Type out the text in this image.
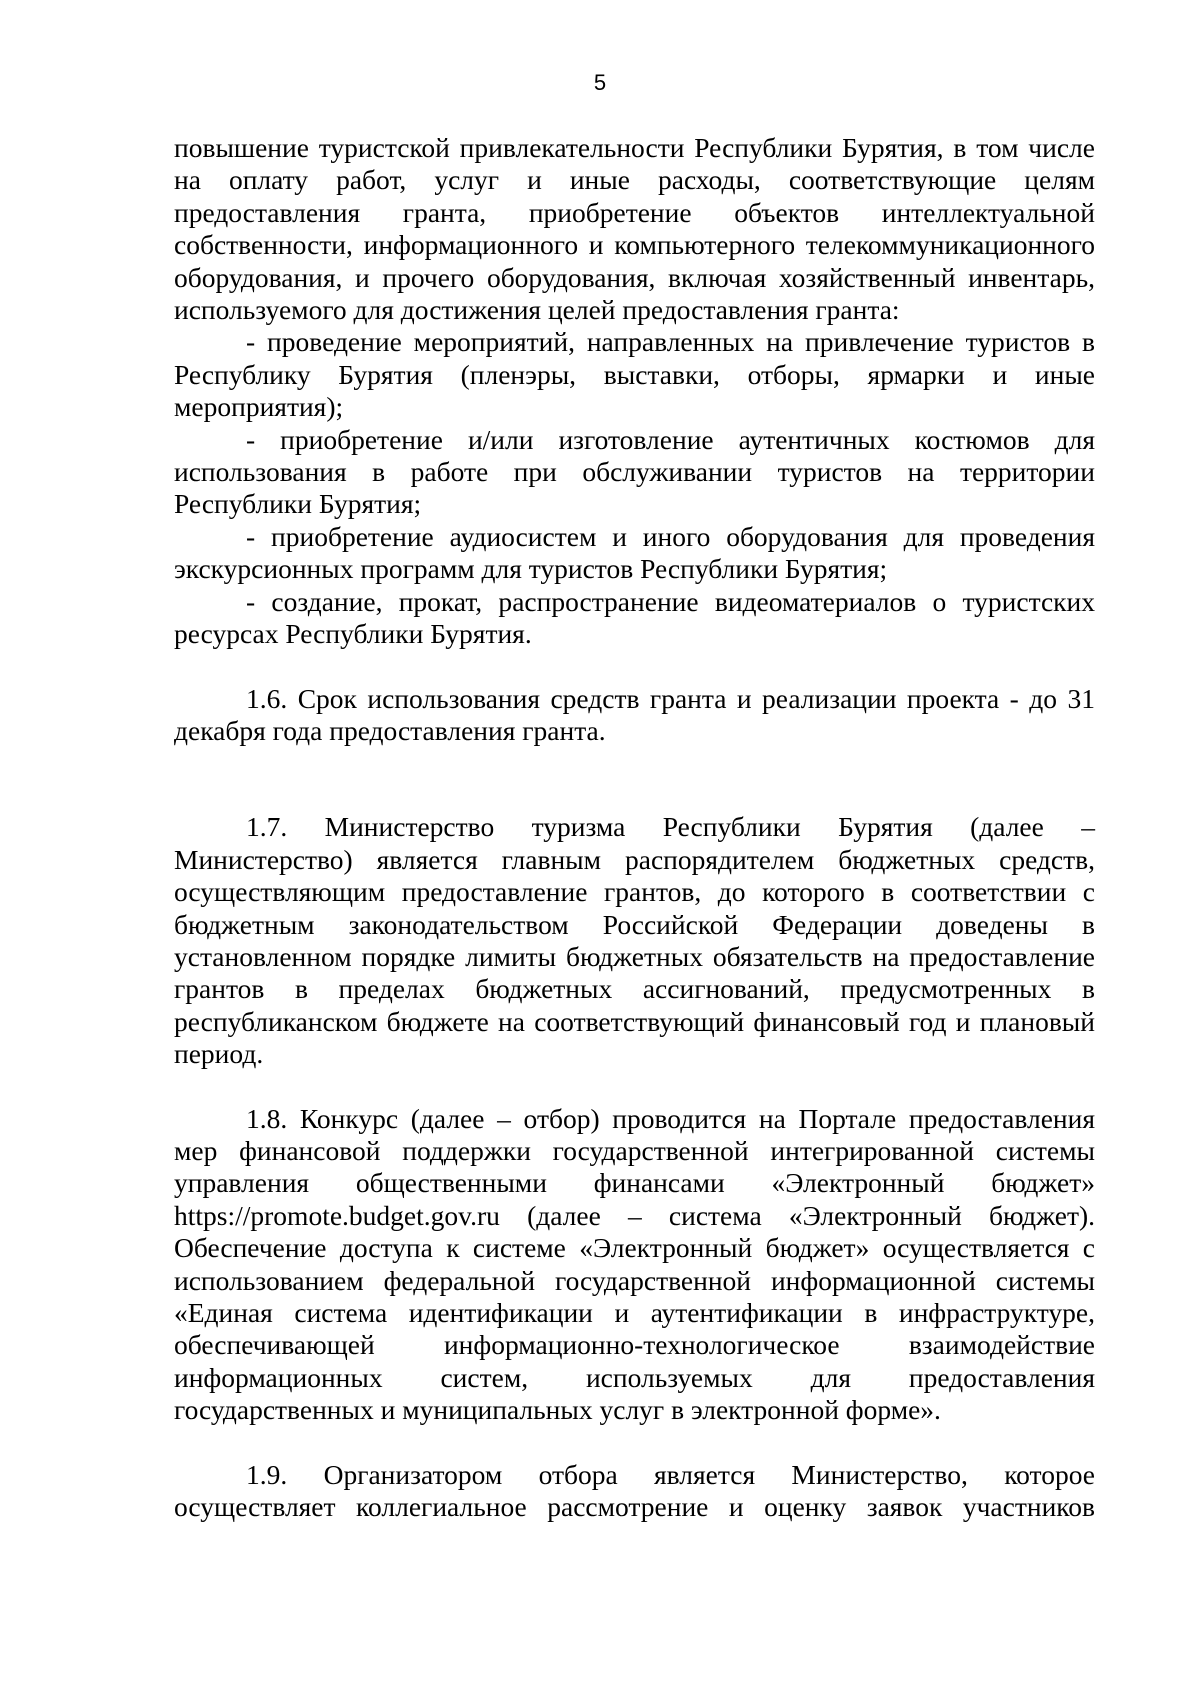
5

повышение туристской привлекательности Республики Бурятия, в том числе на оплату работ, услуг и иные расходы, соответствующие целям предоставления гранта, приобретение объектов интеллектуальной собственности, информационного и компьютерного телекоммуникационного оборудования, и прочего оборудования, включая хозяйственный инвентарь, используемого для достижения целей предоставления гранта:

- проведение мероприятий, направленных на привлечение туристов в Республику Бурятия (пленэры, выставки, отборы, ярмарки и иные мероприятия);

- приобретение и/или изготовление аутентичных костюмов для использования в работе при обслуживании туристов на территории Республики Бурятия;

- приобретение аудиосистем и иного оборудования для проведения экскурсионных программ для туристов Республики Бурятия;

- создание, прокат, распространение видеоматериалов о туристских ресурсах Республики Бурятия.

1.6. Срок использования средств гранта и реализации проекта - до 31 декабря года предоставления гранта.

1.7. Министерство туризма Республики Бурятия (далее – Министерство) является главным распорядителем бюджетных средств, осуществляющим предоставление грантов, до которого в соответствии с бюджетным законодательством Российской Федерации доведены в установленном порядке лимиты бюджетных обязательств на предоставление грантов в пределах бюджетных ассигнований, предусмотренных в республиканском бюджете на соответствующий финансовый год и плановый период.

1.8. Конкурс (далее – отбор) проводится на Портале предоставления мер финансовой поддержки государственной интегрированной системы управления общественными финансами «Электронный бюджет» https://promote.budget.gov.ru (далее – система «Электронный бюджет). Обеспечение доступа к системе «Электронный бюджет» осуществляется с использованием федеральной государственной информационной системы «Единая система идентификации и аутентификации в инфраструктуре, обеспечивающей информационно-технологическое взаимодействие информационных систем, используемых для предоставления государственных и муниципальных услуг в электронной форме».

1.9. Организатором отбора является Министерство, которое осуществляет коллегиальное рассмотрение и оценку заявок участников
